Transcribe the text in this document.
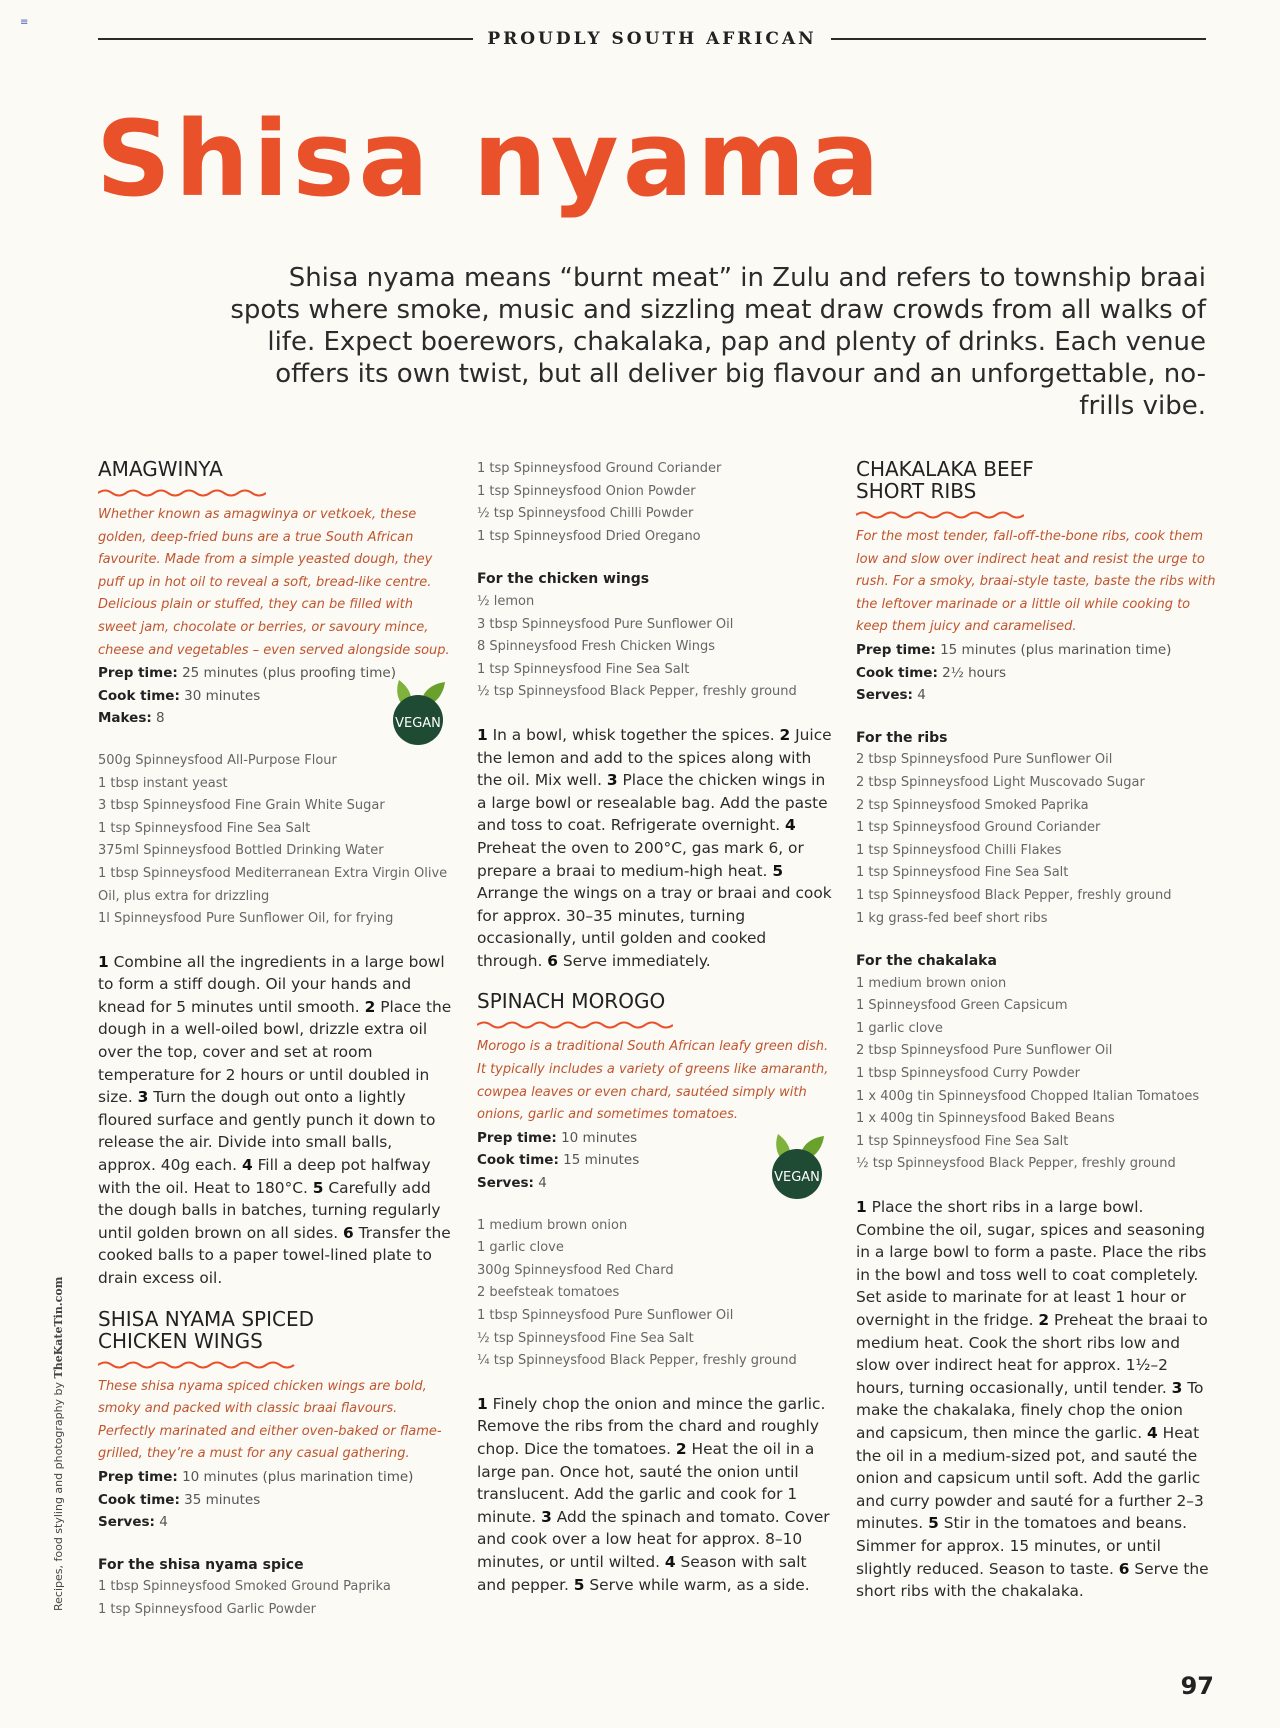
≡
PROUDLY SOUTH AFRICAN
Shisa nyama

Shisa nyama means “burnt meat” in Zulu and refers to township braai spots where smoke, music and sizzling meat draw crowds from all walks of life. Expect boerewors, chakalaka, pap and plenty of drinks. Each venue offers its own twist, but all deliver big flavour and an unforgettable, no-frills vibe.

AMAGWINYA

Whether known as amagwinya or vetkoek, these golden, deep-fried buns are a true South African favourite. Made from a simple yeasted dough, they puff up in hot oil to reveal a soft, bread-like centre. Delicious plain or stuffed, they can be filled with sweet jam, chocolate or berries, or savoury mince, cheese and vegetables – even served alongside soup.

Prep time: 25 minutes (plus proofing time)

Cook time: 30 minutes

Makes: 8

500g Spinneysfood All-Purpose Flour
1 tbsp instant yeast
3 tbsp Spinneysfood Fine Grain White Sugar
1 tsp Spinneysfood Fine Sea Salt
375ml Spinneysfood Bottled Drinking Water
1 tbsp Spinneysfood Mediterranean Extra Virgin Olive Oil, plus extra for drizzling
1l Spinneysfood Pure Sunflower Oil, for frying

1 Combine all the ingredients in a large bowl to form a stiff dough. Oil your hands and knead for 5 minutes until smooth. 2 Place the dough in a well-oiled bowl, drizzle extra oil over the top, cover and set at room temperature for 2 hours or until doubled in size. 3 Turn the dough out onto a lightly floured surface and gently punch it down to release the air. Divide into small balls, approx. 40g each. 4 Fill a deep pot halfway with the oil. Heat to 180°C. 5 Carefully add the dough balls in batches, turning regularly until golden brown on all sides. 6 Transfer the cooked balls to a paper towel-lined plate to drain excess oil.

SHISA NYAMA SPICED
CHICKEN WINGS

These shisa nyama spiced chicken wings are bold, smoky and packed with classic braai flavours. Perfectly marinated and either oven-baked or flame-grilled, they’re a must for any casual gathering.

Prep time: 10 minutes (plus marination time)

Cook time: 35 minutes

Serves: 4

For the shisa nyama spice

1 tbsp Spinneysfood Smoked Ground Paprika
1 tsp Spinneysfood Garlic Powder
1 tsp Spinneysfood Ground Coriander
1 tsp Spinneysfood Onion Powder
½ tsp Spinneysfood Chilli Powder
1 tsp Spinneysfood Dried Oregano

For the chicken wings

½ lemon
3 tbsp Spinneysfood Pure Sunflower Oil
8 Spinneysfood Fresh Chicken Wings
1 tsp Spinneysfood Fine Sea Salt
½ tsp Spinneysfood Black Pepper, freshly ground

1 In a bowl, whisk together the spices. 2 Juice the lemon and add to the spices along with the oil. Mix well. 3 Place the chicken wings in a large bowl or resealable bag. Add the paste and toss to coat. Refrigerate overnight. 4 Preheat the oven to 200°C, gas mark 6, or prepare a braai to medium-high heat. 5 Arrange the wings on a tray or braai and cook for approx. 30–35 minutes, turning occasionally, until golden and cooked through. 6 Serve immediately.

SPINACH MOROGO

Morogo is a traditional South African leafy green dish. It typically includes a variety of greens like amaranth, cowpea leaves or even chard, sautéed simply with onions, garlic and sometimes tomatoes.

Prep time: 10 minutes

Cook time: 15 minutes

Serves: 4

1 medium brown onion
1 garlic clove
300g Spinneysfood Red Chard
2 beefsteak tomatoes
1 tbsp Spinneysfood Pure Sunflower Oil
½ tsp Spinneysfood Fine Sea Salt
¼ tsp Spinneysfood Black Pepper, freshly ground

1 Finely chop the onion and mince the garlic. Remove the ribs from the chard and roughly chop. Dice the tomatoes. 2 Heat the oil in a large pan. Once hot, sauté the onion until translucent. Add the garlic and cook for 1 minute. 3 Add the spinach and tomato. Cover and cook over a low heat for approx. 8–10 minutes, or until wilted. 4 Season with salt and pepper. 5 Serve while warm, as a side.

CHAKALAKA BEEF
SHORT RIBS

For the most tender, fall-off-the-bone ribs, cook them low and slow over indirect heat and resist the urge to rush. For a smoky, braai-style taste, baste the ribs with the leftover marinade or a little oil while cooking to keep them juicy and caramelised.

Prep time: 15 minutes (plus marination time)

Cook time: 2½ hours

Serves: 4

For the ribs

2 tbsp Spinneysfood Pure Sunflower Oil
2 tbsp Spinneysfood Light Muscovado Sugar
2 tsp Spinneysfood Smoked Paprika
1 tsp Spinneysfood Ground Coriander
1 tsp Spinneysfood Chilli Flakes
1 tsp Spinneysfood Fine Sea Salt
1 tsp Spinneysfood Black Pepper, freshly ground
1 kg grass-fed beef short ribs

For the chakalaka

1 medium brown onion
1 Spinneysfood Green Capsicum
1 garlic clove
2 tbsp Spinneysfood Pure Sunflower Oil
1 tbsp Spinneysfood Curry Powder
1 x 400g tin Spinneysfood Chopped Italian Tomatoes
1 x 400g tin Spinneysfood Baked Beans
1 tsp Spinneysfood Fine Sea Salt
½ tsp Spinneysfood Black Pepper, freshly ground

1 Place the short ribs in a large bowl. Combine the oil, sugar, spices and seasoning in a large bowl to form a paste. Place the ribs in the bowl and toss well to coat completely. Set aside to marinate for at least 1 hour or overnight in the fridge. 2 Preheat the braai to medium heat. Cook the short ribs low and slow over indirect heat for approx. 1½–2 hours, turning occasionally, until tender. 3 To make the chakalaka, finely chop the onion and capsicum, then mince the garlic. 4 Heat the oil in a medium-sized pot, and sauté the onion and capsicum until soft. Add the garlic and curry powder and sauté for a further 2–3 minutes. 5 Stir in the tomatoes and beans. Simmer for approx. 15 minutes, or until slightly reduced. Season to taste. 6 Serve the short ribs with the chakalaka.

VEGAN
VEGAN
Recipes, food styling and photography by TheKateTin.com
97
